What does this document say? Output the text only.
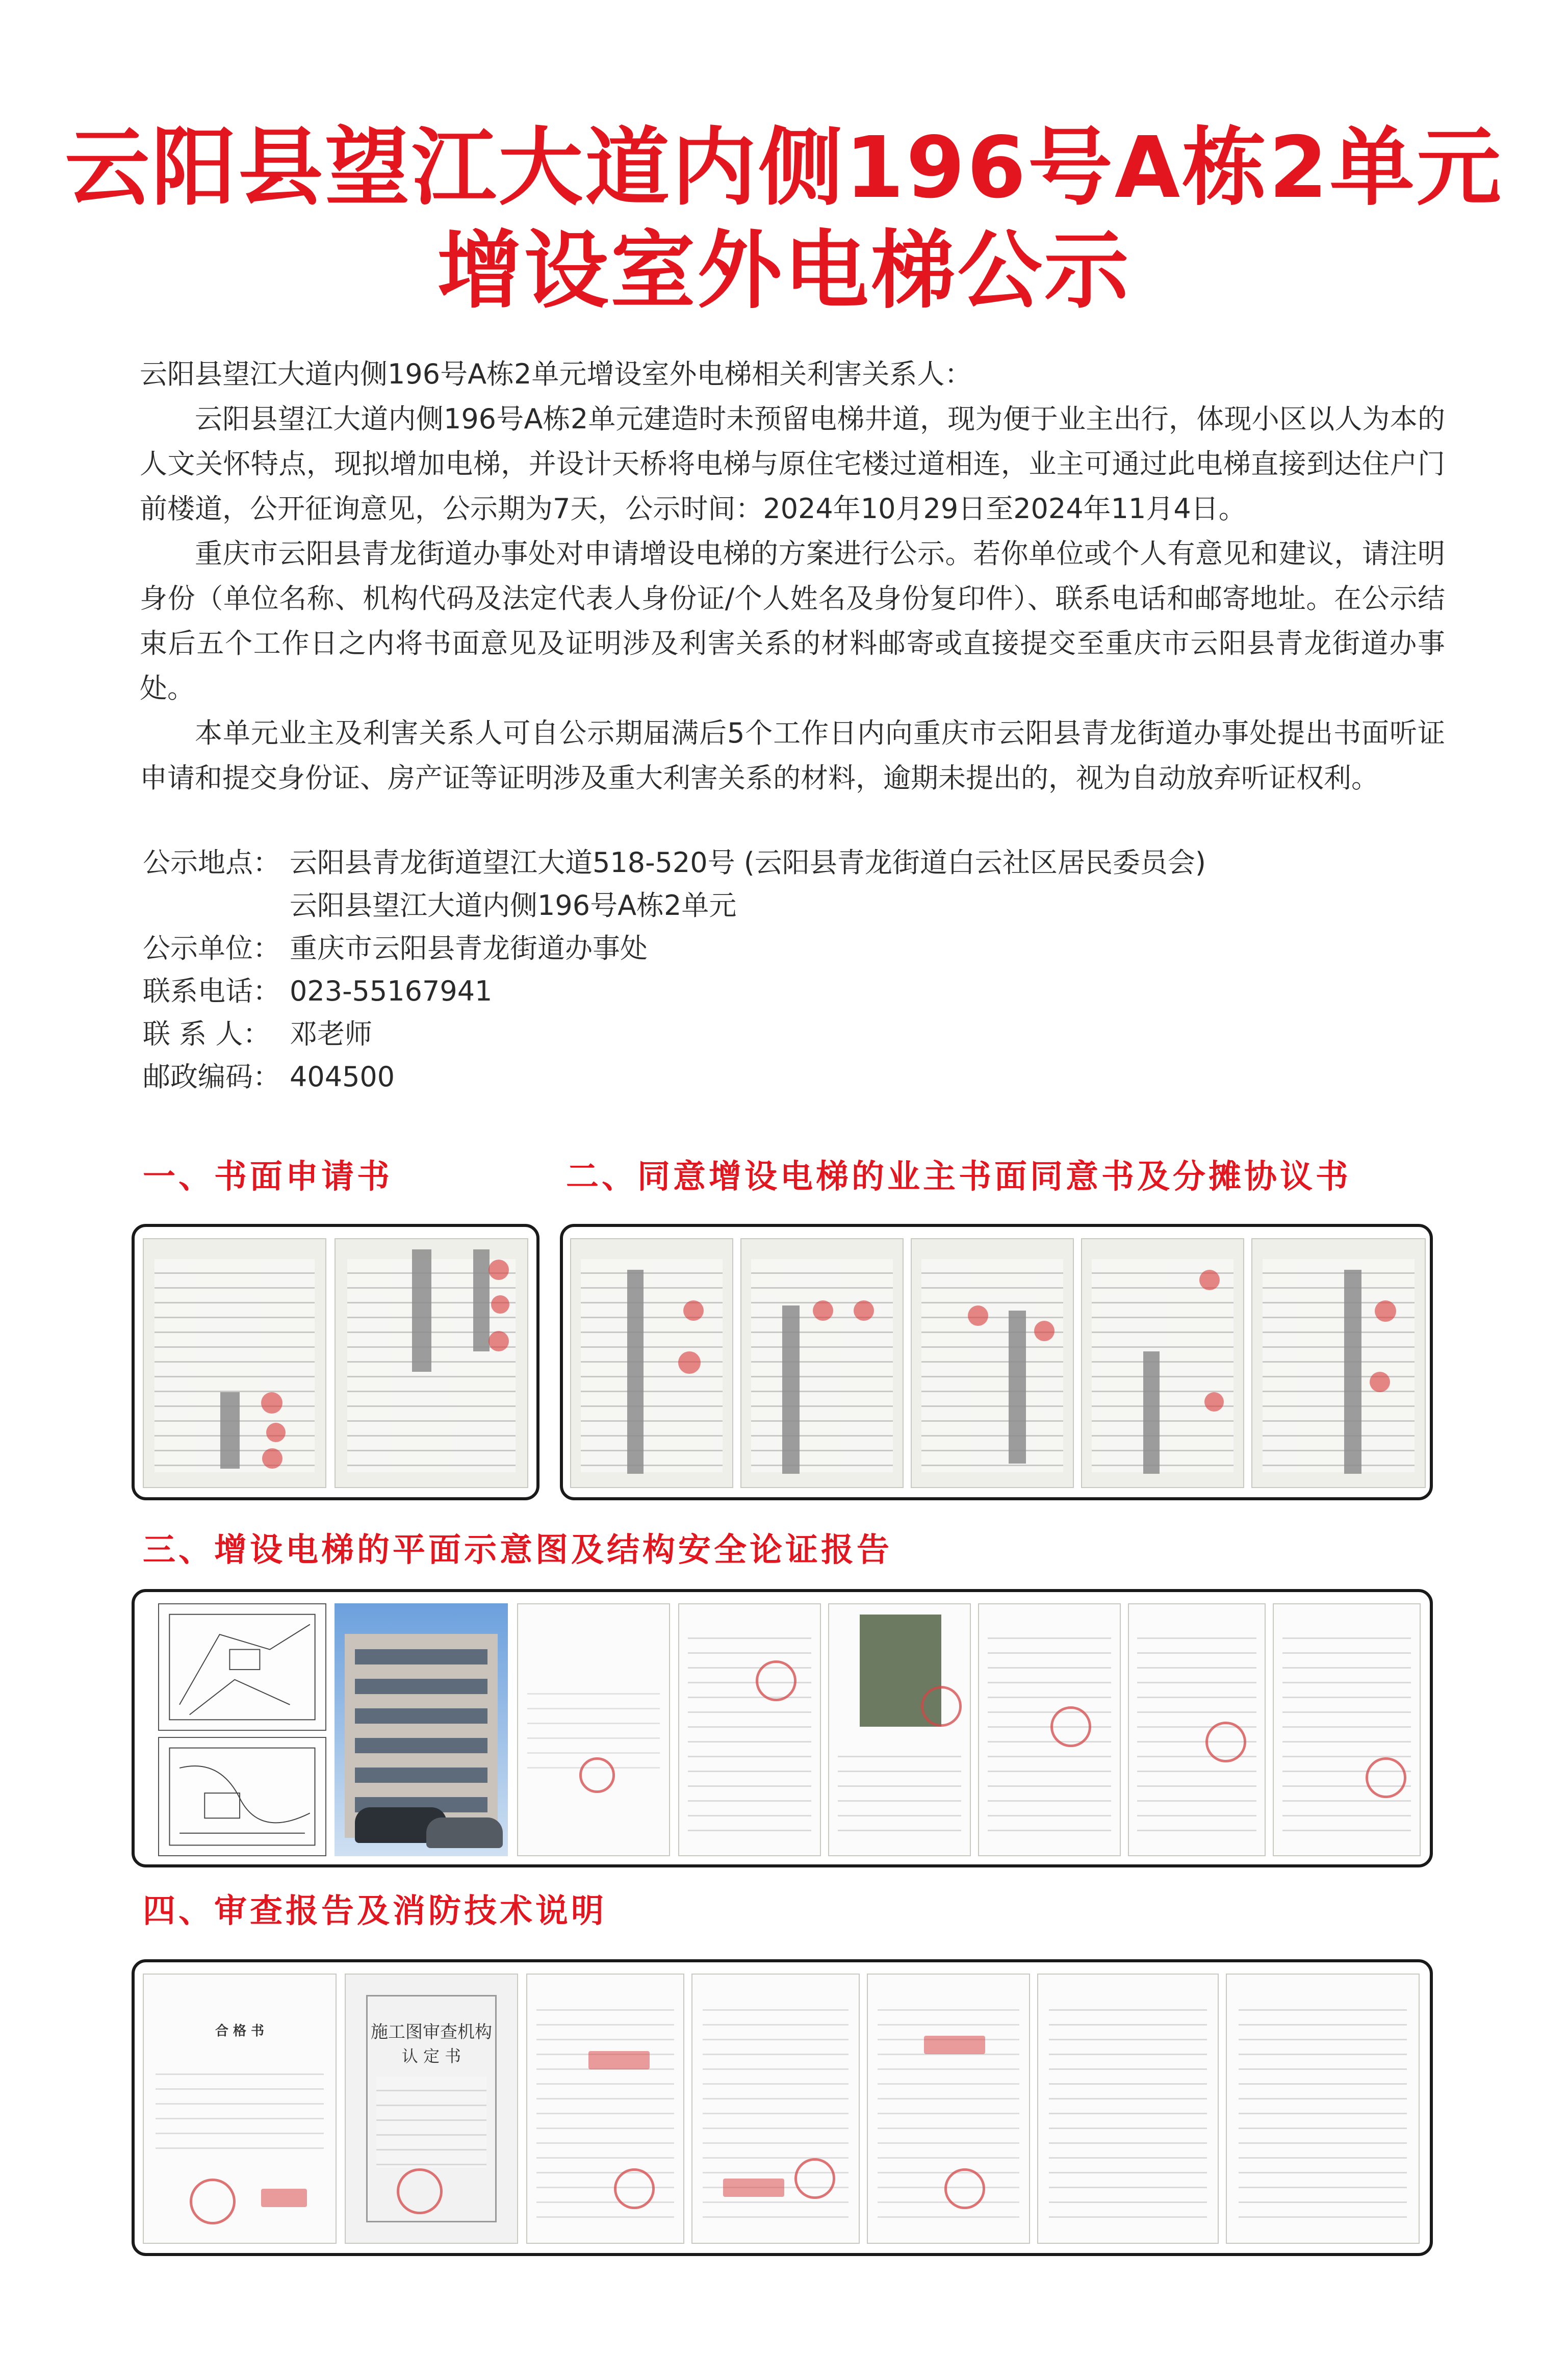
云阳县望江大道内侧196号A栋2单元
增设室外电梯公示

云阳县望江大道内侧196号A栋2单元增设室外电梯相关利害关系人：

云阳县望江大道内侧196号A栋2单元建造时未预留电梯井道，现为便于业主出行，体现小区以人为本的人文关怀特点，现拟增加电梯，并设计天桥将电梯与原住宅楼过道相连，业主可通过此电梯直接到达住户门前楼道，公开征询意见，公示期为7天，公示时间：2024年10月29日至2024年11月4日。

重庆市云阳县青龙街道办事处对申请增设电梯的方案进行公示。若你单位或个人有意见和建议，请注明身份（单位名称、机构代码及法定代表人身份证/个人姓名及身份复印件）、联系电话和邮寄地址。在公示结束后五个工作日之内将书面意见及证明涉及利害关系的材料邮寄或直接提交至重庆市云阳县青龙街道办事处。

本单元业主及利害关系人可自公示期届满后5个工作日内向重庆市云阳县青龙街道办事处提出书面听证申请和提交身份证、房产证等证明涉及重大利害关系的材料，逾期未提出的，视为自动放弃听证权利。

公示地点： 云阳县青龙街道望江大道518-520号 (云阳县青龙街道白云社区居民委员会)
云阳县望江大道内侧196号A栋2单元
公示单位： 重庆市云阳县青龙街道办事处
联系电话： 023-55167941
联 系 人： 邓老师
邮政编码： 404500
一、书面申请书	二、同意增设电梯的业主书面同意书及分摊协议书
三、增设电梯的平面示意图及结构安全论证报告
四、审查报告及消防技术说明
合 格 书	施工图审查机构
认 定 书
